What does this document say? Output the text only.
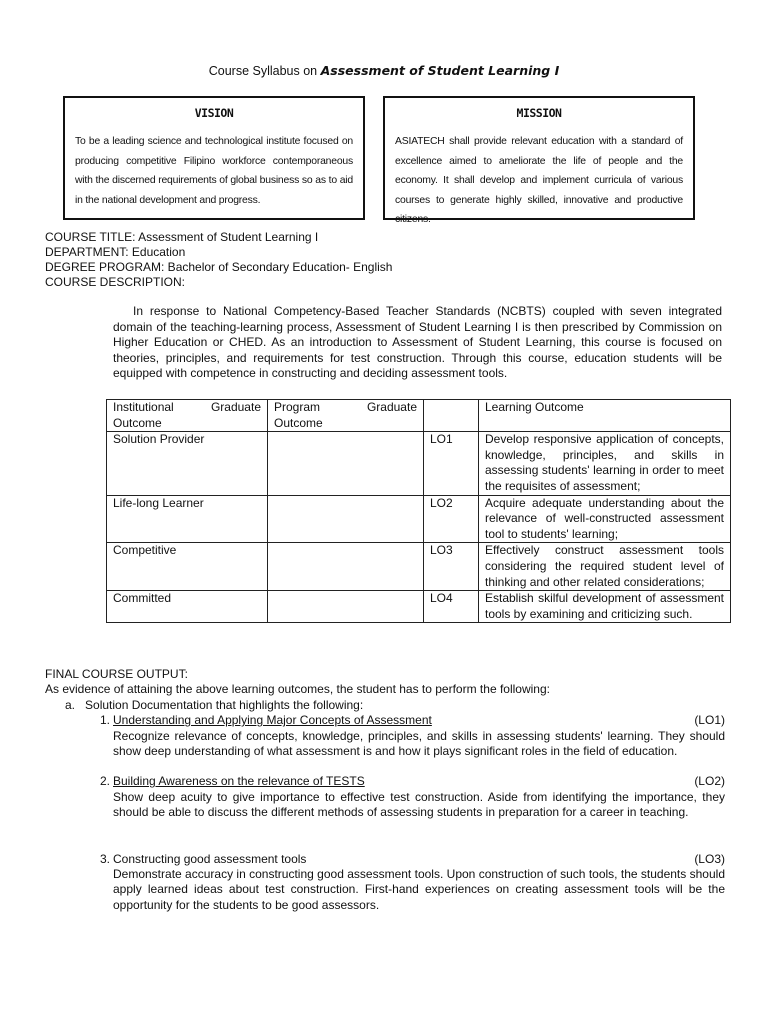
Course Syllabus on Assessment of Student Learning I
VISION

To be a leading science and technological institute focused on producing competitive Filipino workforce contemporaneous with the discerned requirements of global business so as to aid in the national development and progress.

MISSION

ASIATECH shall provide relevant education with a standard of excellence aimed to ameliorate the life of people and the economy. It shall develop and implement curricula of various courses to generate highly skilled, innovative and productive citizens.

COURSE TITLE: Assessment of Student Learning I
DEPARTMENT: Education
DEGREE PROGRAM: Bachelor of Secondary Education- English
COURSE DESCRIPTION:
In response to National Competency-Based Teacher Standards (NCBTS) coupled with seven integrated domain of the teaching-learning process, Assessment of Student Learning I is then prescribed by Commission on Higher Education or CHED. As an introduction to Assessment of Student Learning, this course is focused on theories, principles, and requirements for test construction. Through this course, education students will be equipped with competence in constructing and deciding assessment tools.
Institutional Graduate Outcome	Program Graduate Outcome		Learning Outcome
Solution Provider		LO1	Develop responsive application of concepts, knowledge, principles, and skills in assessing students' learning in order to meet the requisites of assessment;
Life-long Learner		LO2	Acquire adequate understanding about the relevance of well-constructed assessment tool to students' learning;
Competitive		LO3	Effectively construct assessment tools considering the required student level of thinking and other related considerations;
Committed		LO4	Establish skilful development of assessment tools by examining and criticizing such.
FINAL COURSE OUTPUT:
As evidence of attaining the above learning outcomes, the student has to perform the following:
a.   Solution Documentation that highlights the following:
1. Understanding and Applying Major Concepts of Assessment	(LO1)
Recognize relevance of concepts, knowledge, principles, and skills in assessing students' learning. They should show deep understanding of what assessment is and how it plays significant roles in the field of education.
2. Building Awareness on the relevance of TESTS	(LO2)
Show deep acuity to give importance to effective test construction. Aside from identifying the importance, they should be able to discuss the different methods of assessing students in preparation for a career in teaching.
3. Constructing good assessment tools	(LO3)
Demonstrate accuracy in constructing good assessment tools. Upon construction of such tools, the students should apply learned ideas about test construction. First-hand experiences on creating assessment tools will be the opportunity for the students to be good assessors.
